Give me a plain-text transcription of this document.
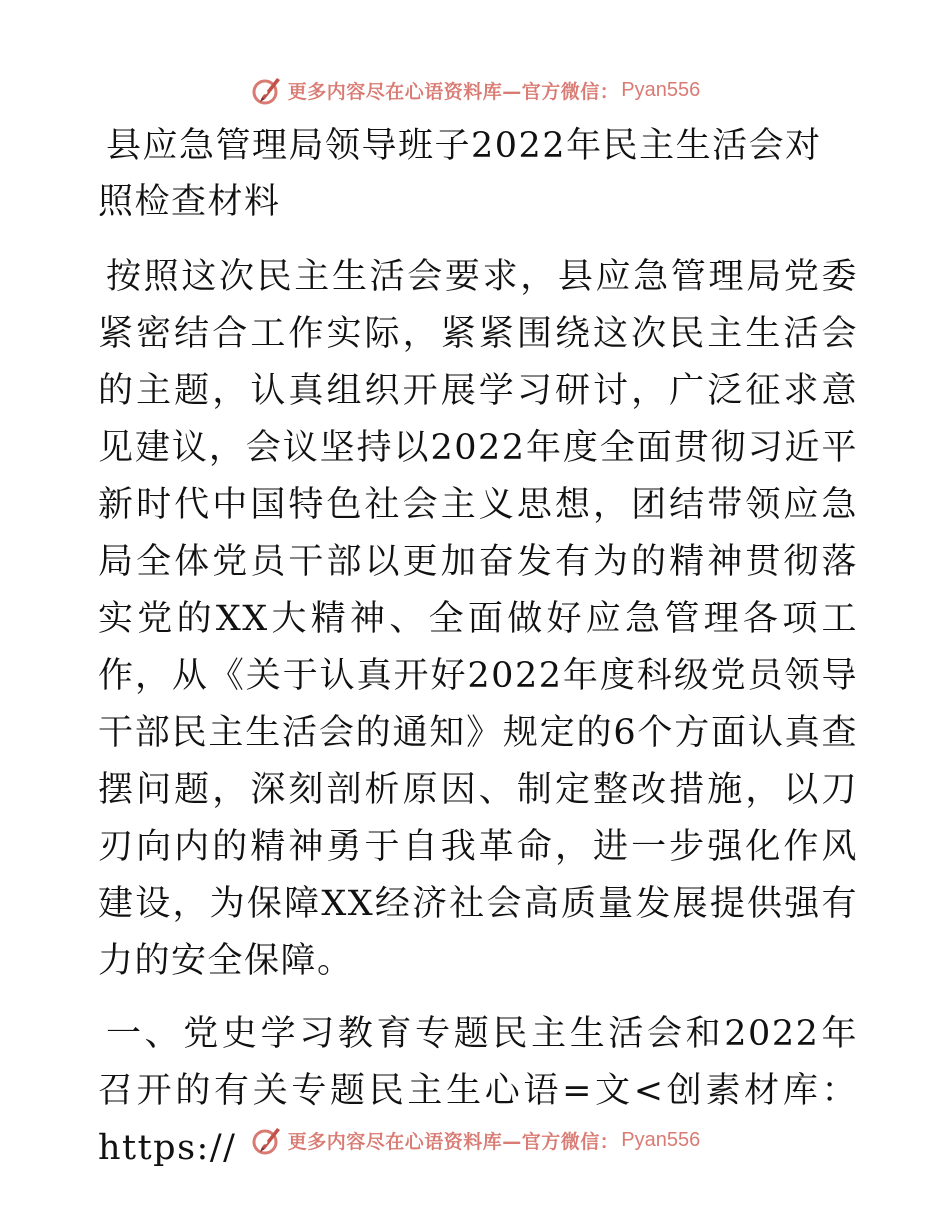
更多内容尽在心语资料库—官方微信： Pyan556
县应急管理局领导班子2022年民主生活会对照检查材料

按照这次民主生活会要求，县应急管理局党委紧密结合工作实际，紧紧围绕这次民主生活会的主题，认真组织开展学习研讨，广泛征求意见建议，会议坚持以2022年度全面贯彻习近平新时代中国特色社会主义思想，团结带领应急局全体党员干部以更加奋发有为的精神贯彻落实党的XX大精神、全面做好应急管理各项工作，从《关于认真开好2022年度科级党员领导干部民主生活会的通知》规定的6个方面认真查摆问题，深刻剖析原因、制定整改措施，以刀刃向内的精神勇于自我革命，进一步强化作风建设，为保障XX经济社会高质量发展提供强有力的安全保障。

一、党史学习教育专题民主生活会和2022年召开的有关专题民主生心语=文<创素材库：https://	更多内容尽在心语资料库—官方微信： Pyan556
